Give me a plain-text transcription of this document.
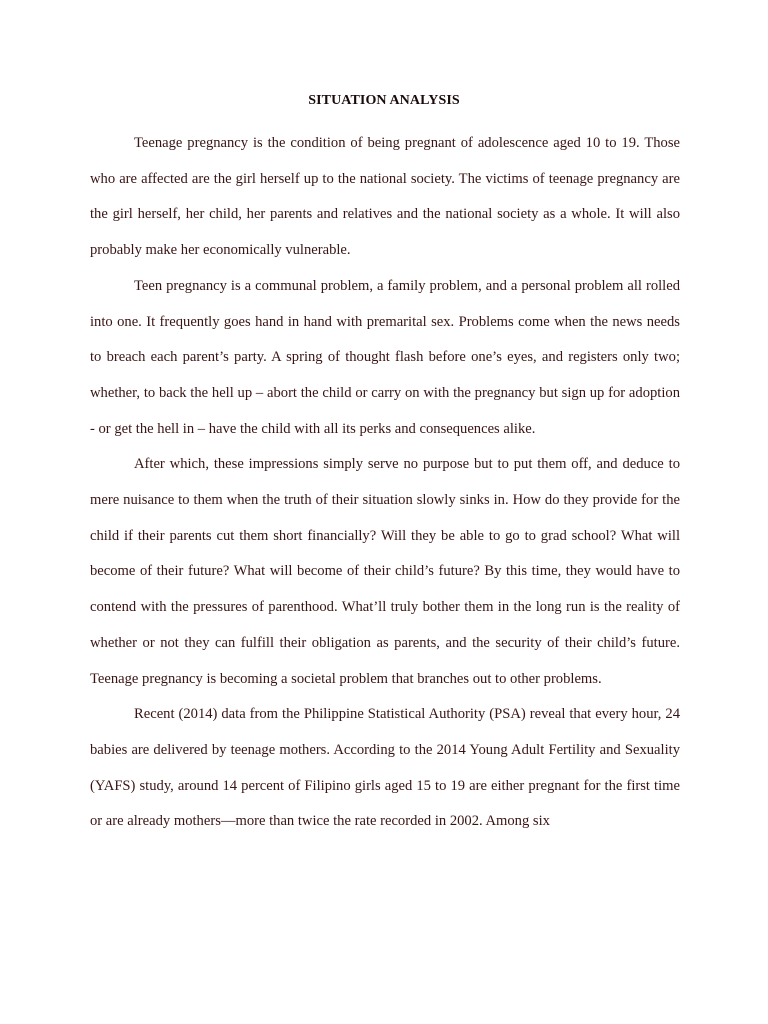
SITUATION ANALYSIS

Teenage pregnancy is the condition of being pregnant of adolescence aged 10 to 19. Those who are affected are the girl herself up to the national society. The victims of teenage pregnancy are the girl herself, her child, her parents and relatives and the national society as a whole. It will also probably make her economically vulnerable.

Teen pregnancy is a communal problem, a family problem, and a personal problem all rolled into one. It frequently goes hand in hand with premarital sex. Problems come when the news needs to breach each parent’s party. A spring of thought flash before one’s eyes, and registers only two; whether, to back the hell up – abort the child or carry on with the pregnancy but sign up for adoption - or get the hell in – have the child with all its perks and consequences alike.

After which, these impressions simply serve no purpose but to put them off, and deduce to mere nuisance to them when the truth of their situation slowly sinks in. How do they provide for the child if their parents cut them short financially? Will they be able to go to grad school? What will become of their future? What will become of their child’s future? By this time, they would have to contend with the pressures of parenthood. What’ll truly bother them in the long run is the reality of whether or not they can fulfill their obligation as parents, and the security of their child’s future. Teenage pregnancy is becoming a societal problem that branches out to other problems.

Recent (2014) data from the Philippine Statistical Authority (PSA) reveal that every hour, 24 babies are delivered by teenage mothers. According to the 2014 Young Adult Fertility and Sexuality (YAFS) study, around 14 percent of Filipino girls aged 15 to 19 are either pregnant for the first time or are already mothers—more than twice the rate recorded in 2002. Among six
